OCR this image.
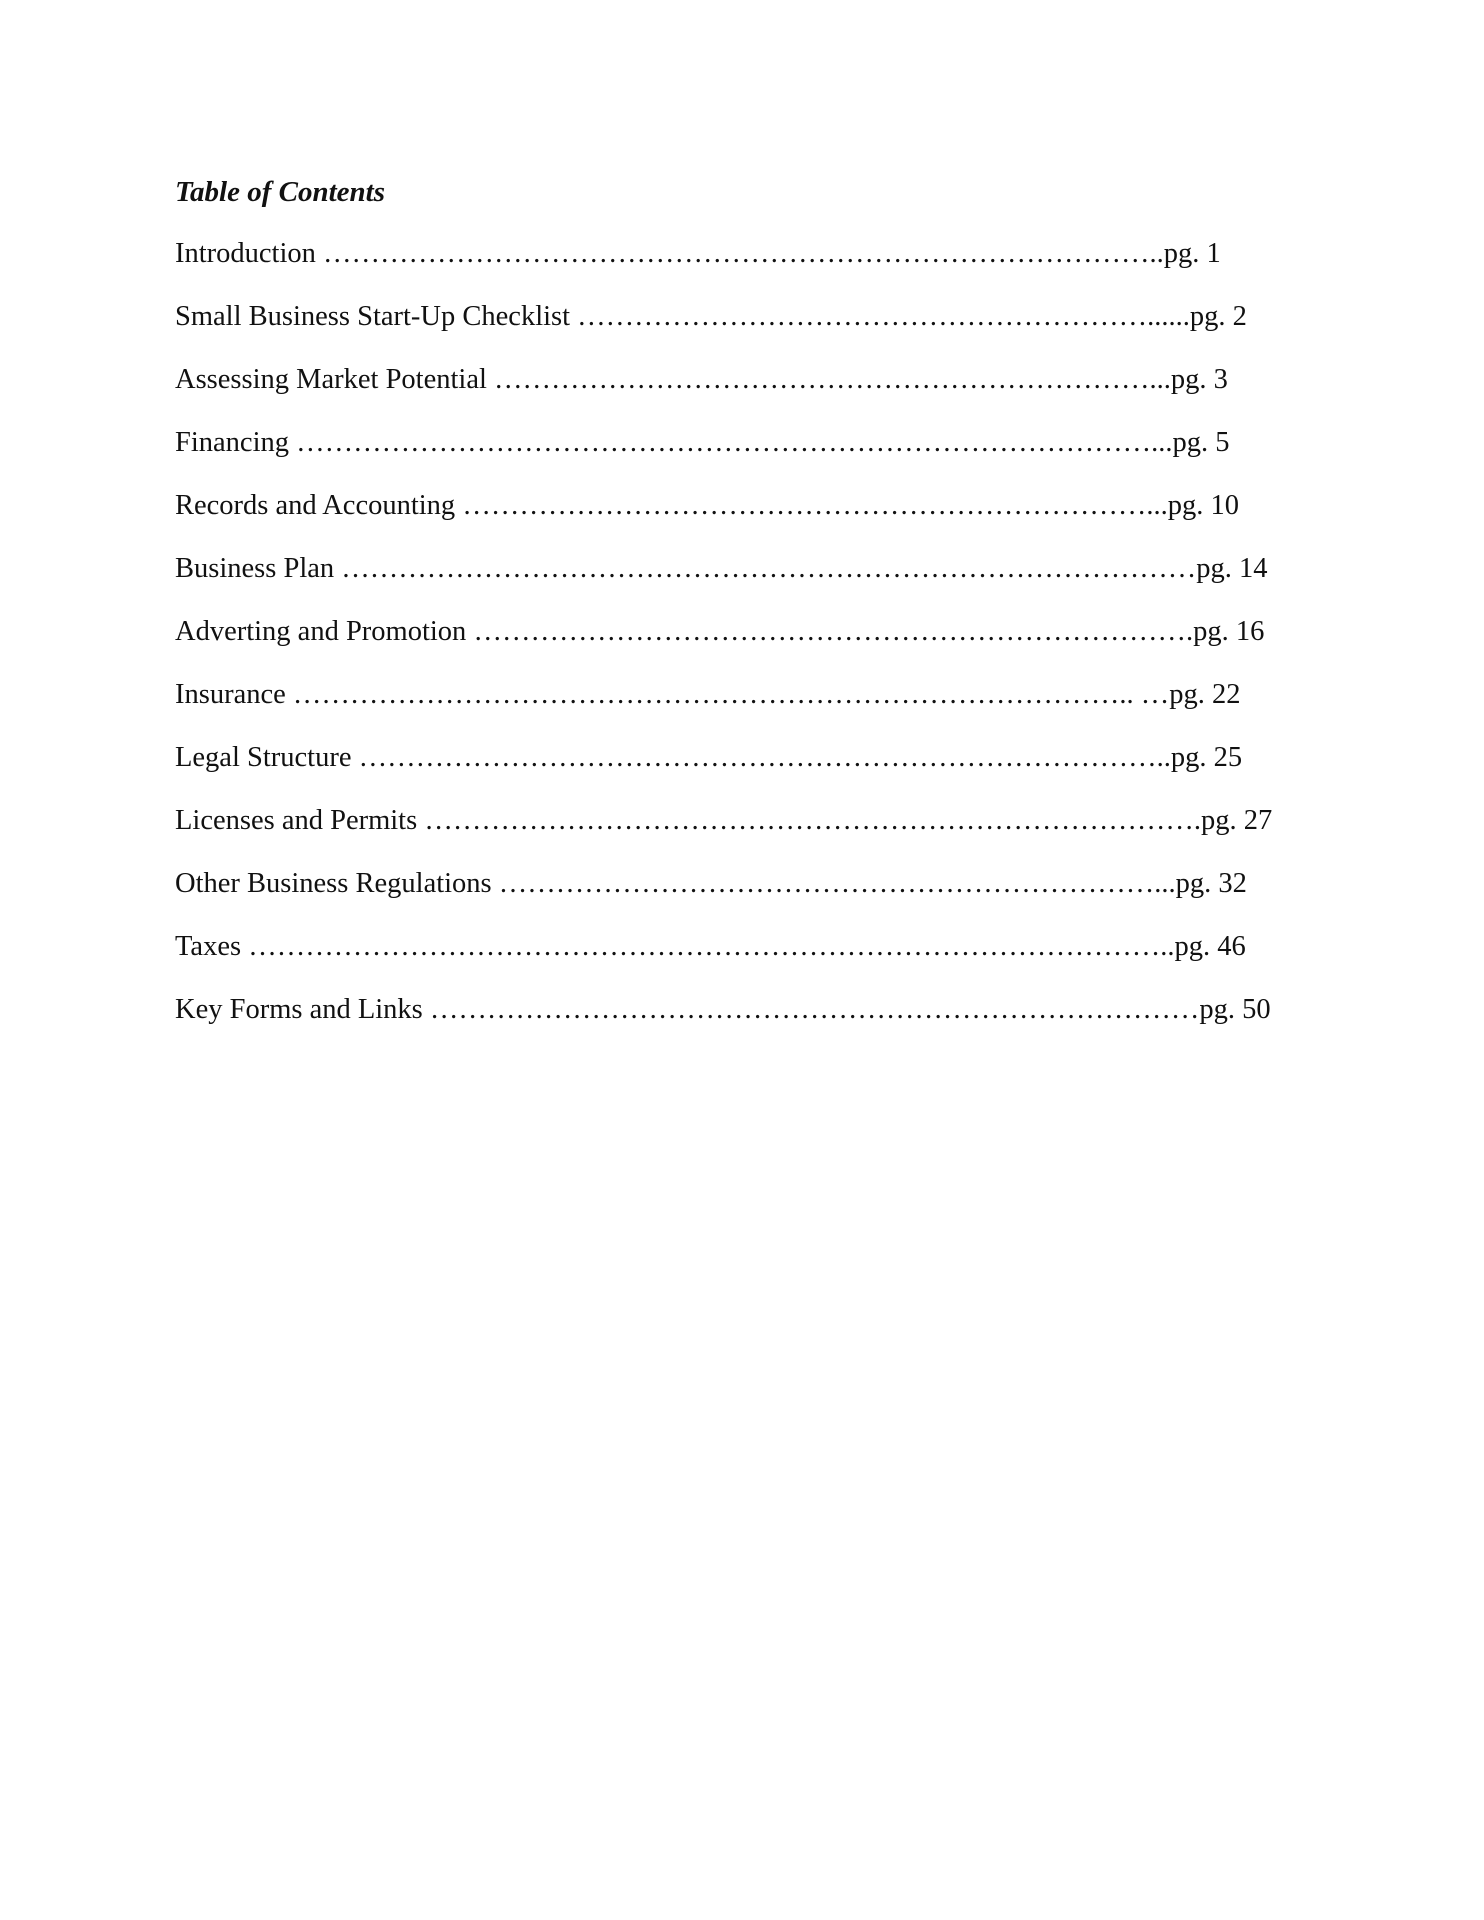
Table of Contents
Introduction ……………………………………………………………………………..pg. 1
Small Business Start-Up Checklist ……………………………………………………......pg. 2
Assessing Market Potential ……………………………………………………………...pg. 3
Financing ………………………………………………………………………………...pg. 5
Records and Accounting ………………………………………………………………...pg. 10
Business Plan ………………………………………………………………………………pg. 14
Adverting and Promotion ………………………………………………………………….pg. 16
Insurance …………………………………………………………………………….. …pg. 22
Legal Structure …………………………………………………………………………..pg. 25
Licenses and Permits ……………………………………………………………………….pg. 27
Other Business Regulations ……………………………………………………………...pg. 32
Taxes ……………………………………………………………………………………..pg. 46
Key Forms and Links ………………………………………………………………………pg. 50
